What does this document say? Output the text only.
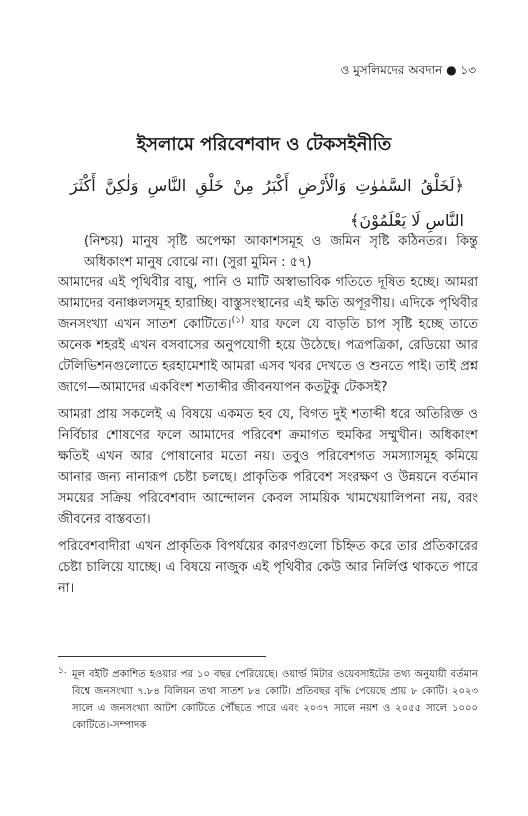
ও মুসলিমদের অবদান ● ১৩
ইসলামে পরিবেশবাদ ও টেকসইনীতি
﴿لَخَلْقُ السَّمٰوٰتِ وَالْأَرْضِ أَكْبَرُ مِنْ خَلْقِ النَّاسِ وَلٰكِنَّ أَكْثَرَ النَّاسِ لَا يَعْلَمُوْنَ﴾
(নিশ্চয়) মানুষ সৃষ্টি অপেক্ষা আকাশসমূহ ও জমিন সৃষ্টি কঠিনতর। কিন্তু অধিকাংশ মানুষ বোঝে না। (সুরা মুমিন : ৫৭)

আমাদের এই পৃথিবীর বায়ু, পানি ও মাটি অস্বাভাবিক গতিতে দূষিত হচ্ছে। আমরা আমাদের বনাঞ্চলসমূহ হারাচ্ছি। বাস্তুসংস্থানের এই ক্ষতি অপূরণীয়। এদিকে পৃথিবীর জনসংখ্যা এখন সাতশ কোটিতে।$^{(১)}$ যার ফলে যে বাড়তি চাপ সৃষ্টি হচ্ছে তাতে অনেক শহরই এখন বসবাসের অনুপযোগী হয়ে উঠেছে। পত্রপত্রিকা, রেডিয়ো আর টেলিভিশনগুলোতে হরহামেশাই আমরা এসব খবর দেখতে ও শুনতে পাই। তাই প্রশ্ন জাগে—আমাদের একবিংশ শতাব্দীর জীবনযাপন কতটুকু টেকসই?

আমরা প্রায় সকলেই এ বিষয়ে একমত হব যে, বিগত দুই শতাব্দী ধরে অতিরিক্ত ও নির্বিচার শোষণের ফলে আমাদের পরিবেশ ক্রমাগত হুমকির সম্মুখীন। অধিকাংশ ক্ষতিই এখন আর পোষানোর মতো নয়। তবুও পরিবেশগত সমস্যাসমূহ কমিয়ে আনার জন্য নানারূপ চেষ্টা চলছে। প্রাকৃতিক পরিবেশ সংরক্ষণ ও উন্নয়নে বর্তমান সময়ের সক্রিয় পরিবেশবাদ আন্দোলন কেবল সাময়িক খামখেয়ালিপনা নয়, বরং জীবনের বাস্তবতা।

পরিবেশবাদীরা এখন প্রাকৃতিক বিপর্যয়ের কারণগুলো চিহ্নিত করে তার প্রতিকারের চেষ্টা চালিয়ে যাচ্ছে। এ বিষয়ে নাজুক এই পৃথিবীর কেউ আর নির্লিপ্ত থাকতে পারে না।

১. মূল বইটি প্রকাশিত হওয়ার পর ১০ বছর পেরিয়েছে। ওয়ার্ল্ড মিটার ওয়েবসাইটের তথ্য অনুযায়ী বর্তমান বিশ্বে জনসংখ্যা ৭.৮৪ বিলিয়ন তথা সাতশ ৮৪ কোটি। প্রতিবছর বৃদ্ধি পেয়েছে প্রায় ৮ কোটি। ২০২৩ সালে এ জনসংখ্যা আটশ কোটিতে পৌঁছতে পারে এবং ২০৩৭ সালে নয়শ ও ২০৫৫ সালে ১০০০ কোটিতে।-সম্পাদক
